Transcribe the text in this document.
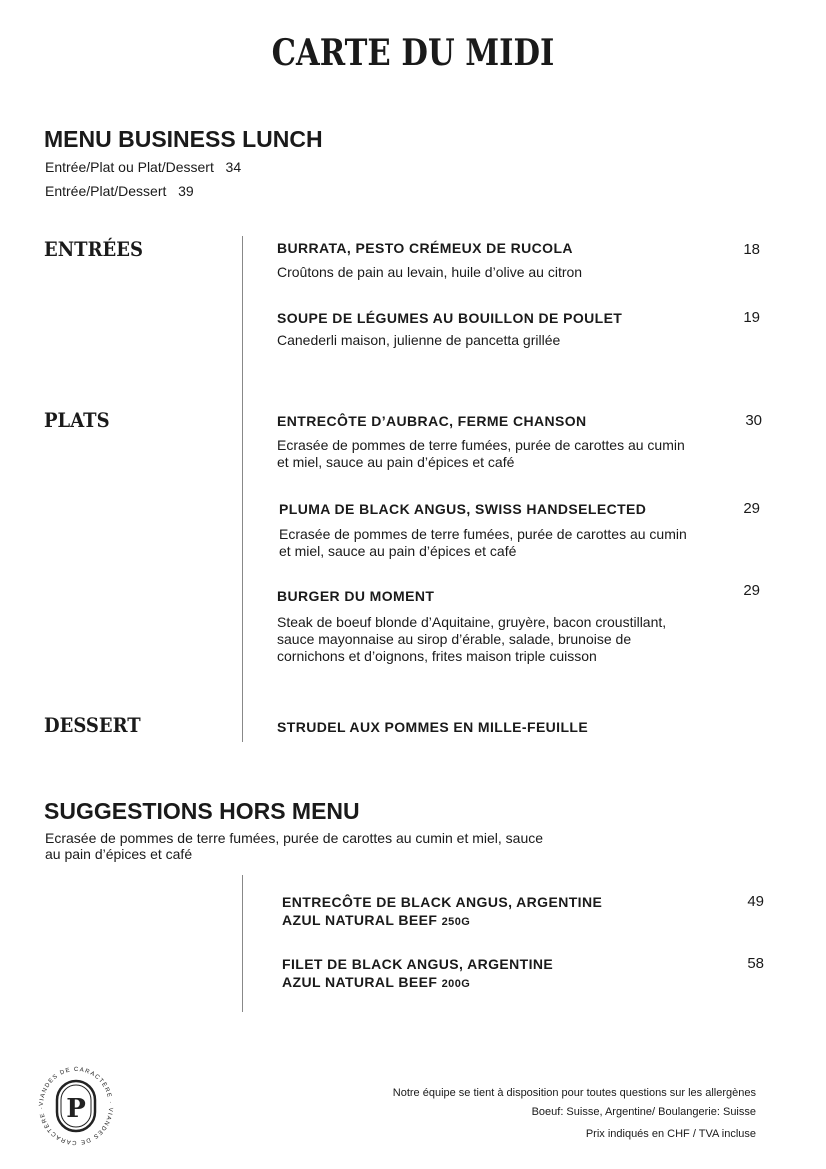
CARTE DU MIDI
MENU BUSINESS LUNCH
Entrée/Plat ou Plat/Dessert 34
Entrée/Plat/Dessert 39
ENTRÉES
PLATS
DESSERT
BURRATA, PESTO CRÉMEUX DE RUCOLA
Croûtons de pain au levain, huile d’olive au citron
18
SOUPE DE LÉGUMES AU BOUILLON DE POULET
Canederli maison, julienne de pancetta grillée
19
ENTRECÔTE D’AUBRAC, FERME CHANSON
Ecrasée de pommes de terre fumées, purée de carottes au cumin et miel, sauce au pain d’épices et café
30
PLUMA DE BLACK ANGUS, SWISS HANDSELECTED
Ecrasée de pommes de terre fumées, purée de carottes au cumin et miel, sauce au pain d’épices et café
29
BURGER DU MOMENT
Steak de boeuf blonde d’Aquitaine, gruyère, bacon croustillant, sauce mayonnaise au sirop d’érable, salade, brunoise de cornichons et d’oignons, frites maison triple cuisson
29
STRUDEL AUX POMMES EN MILLE-FEUILLE
SUGGESTIONS HORS MENU
Ecrasée de pommes de terre fumées, purée de carottes au cumin et miel, sauce au pain d’épices et café
ENTRECÔTE DE BLACK ANGUS, ARGENTINE
AZUL NATURAL BEEF 250G
49
FILET DE BLACK ANGUS, ARGENTINE
AZUL NATURAL BEEF 200G
58
VIANDES DE CARACTÈRE · VIANDES DE CARACTÈRE · P
Notre équipe se tient à disposition pour toutes questions sur les allergènes
Boeuf: Suisse, Argentine/ Boulangerie: Suisse
Prix indiqués en CHF / TVA incluse
